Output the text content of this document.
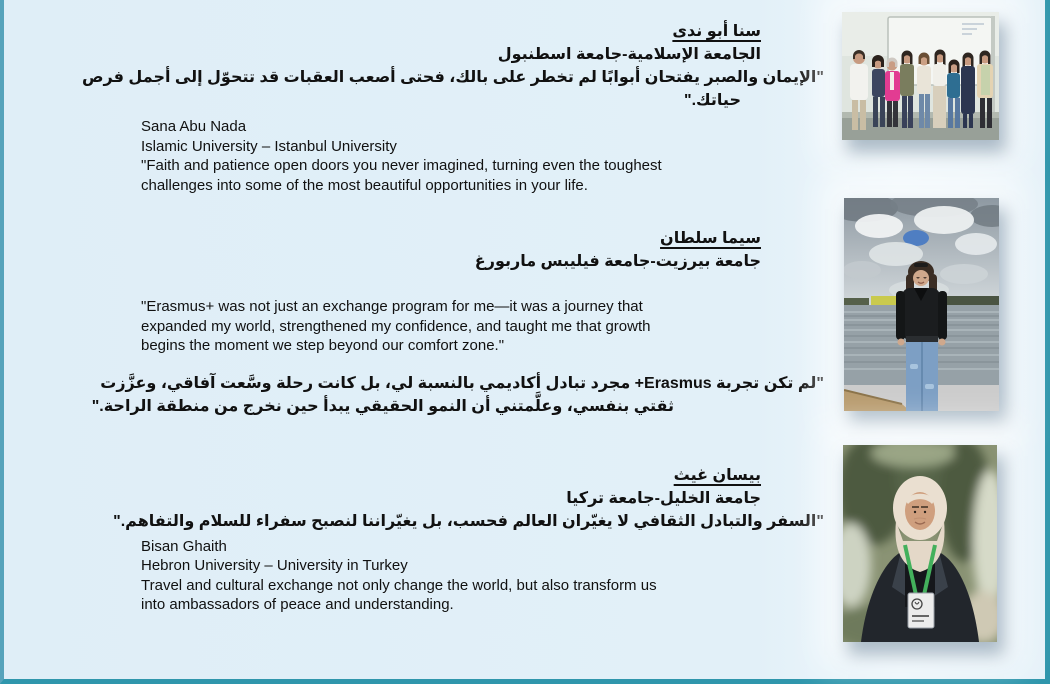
سنا أبو ندى
الجامعة الإسلامية-جامعة اسطنبول
"الإيمان والصبر يفتحان أبوابًا لم تخطر على بالك، فحتى أصعب العقبات قد تتحوّل إلى أجمل فرص
حياتك."
Sana Abu Nada
Islamic University – Istanbul University
"Faith and patience open doors you never imagined, turning even the toughest
challenges into some of the most beautiful opportunities in your life.
سيما سلطان
جامعة بيرزيت-جامعة فيليبس ماربورغ
"Erasmus+ was not just an exchange program for me—it was a journey that
expanded my world, strengthened my confidence, and taught me that growth
begins the moment we step beyond our comfort zone."
"لم تكن تجربة Erasmus+ مجرد تبادل أكاديمي بالنسبة لي، بل كانت رحلة وسَّعت آفاقي، وعزَّزت
ثقتي بنفسي، وعلَّمتني أن النمو الحقيقي يبدأ حين نخرج من منطقة الراحة."
بيسان غيث
جامعة الخليل-جامعة تركيا
"السفر والتبادل الثقافي لا يغيّران العالم فحسب، بل يغيّراننا لنصبح سفراء للسلام والتفاهم."
Bisan Ghaith
Hebron University – University in Turkey
Travel and cultural exchange not only change the world, but also transform us
into ambassadors of peace and understanding.
